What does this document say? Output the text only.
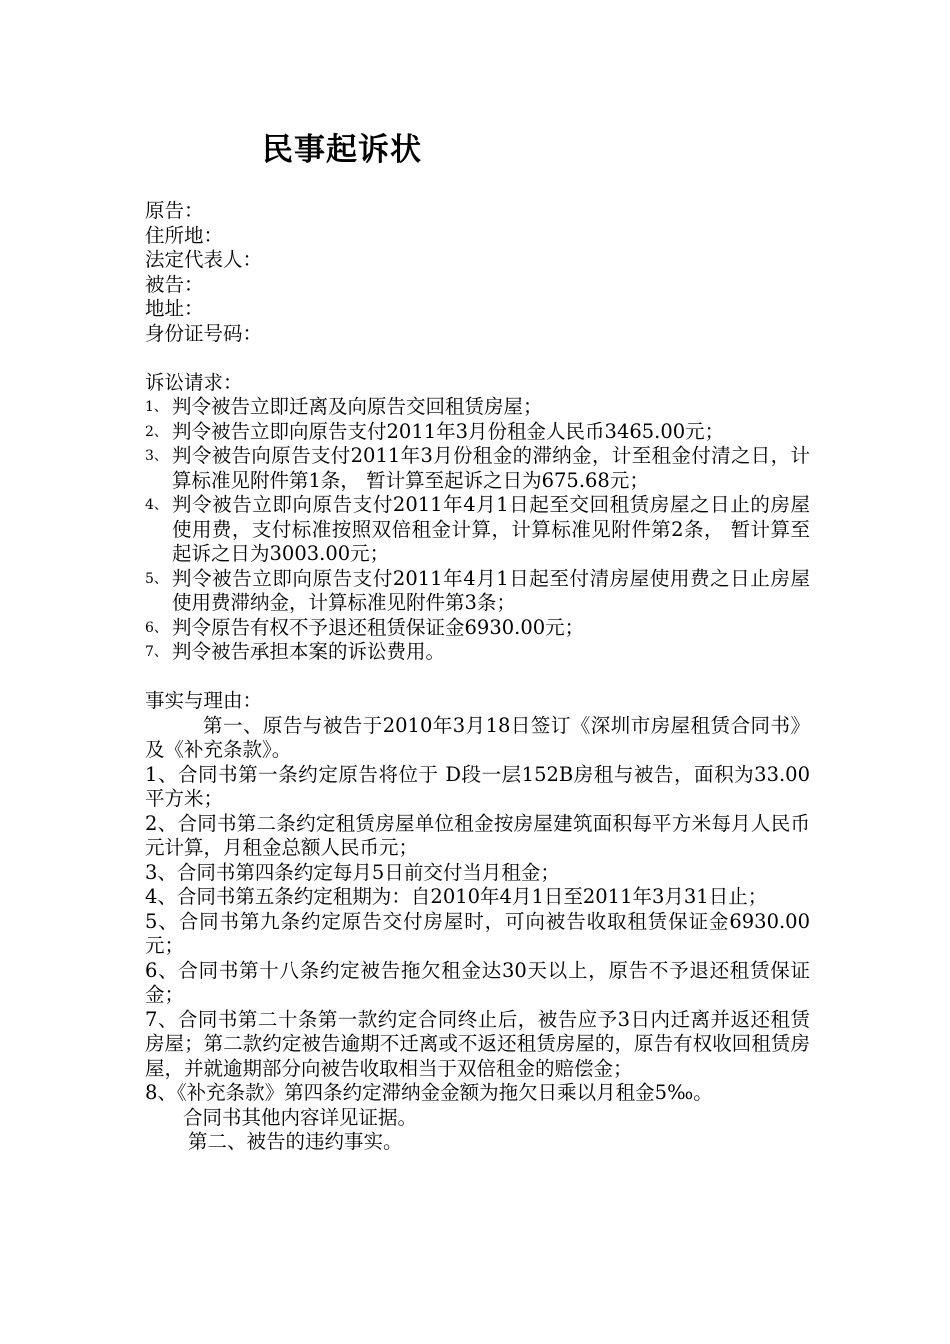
民事起诉状

原告：

住所地：

法定代表人：

被告：

地址：

身份证号码：

诉讼请求：

1、 判令被告立即迁离及向原告交回租赁房屋；
2、 判令被告立即向原告支付2011年3月份租金人民币3465.00元；
3、 判令被告向原告支付2011年3月份租金的滞纳金，计至租金付清之日，计算标准见附件第1条， 暂计算至起诉之日为675.68元；
4、 判令被告立即向原告支付2011年4月1日起至交回租赁房屋之日止的房屋使用费，支付标准按照双倍租金计算，计算标准见附件第2条， 暂计算至起诉之日为3003.00元；
5、 判令被告立即向原告支付2011年4月1日起至付清房屋使用费之日止房屋使用费滞纳金，计算标准见附件第3条；
6、 判令原告有权不予退还租赁保证金6930.00元；
7、 判令被告承担本案的诉讼费用。

事实与理由：

第一、原告与被告于2010年3月18日签订《深圳市房屋租赁合同书》及《补充条款》。

1、合同书第一条约定原告将位于 D段一层152B房租与被告，面积为33.00平方米；

2、合同书第二条约定租赁房屋单位租金按房屋建筑面积每平方米每月人民币元计算，月租金总额人民币元；

3、合同书第四条约定每月5日前交付当月租金；

4、合同书第五条约定租期为：自2010年4月1日至2011年3月31日止；

5、合同书第九条约定原告交付房屋时，可向被告收取租赁保证金6930.00元；

6、合同书第十八条约定被告拖欠租金达30天以上，原告不予退还租赁保证金；

7、合同书第二十条第一款约定合同终止后，被告应予3日内迁离并返还租赁房屋；第二款约定被告逾期不迁离或不返还租赁房屋的，原告有权收回租赁房屋，并就逾期部分向被告收取相当于双倍租金的赔偿金；

8、《补充条款》第四条约定滞纳金金额为拖欠日乘以月租金5‰。

合同书其他内容详见证据。

第二、被告的违约事实。
